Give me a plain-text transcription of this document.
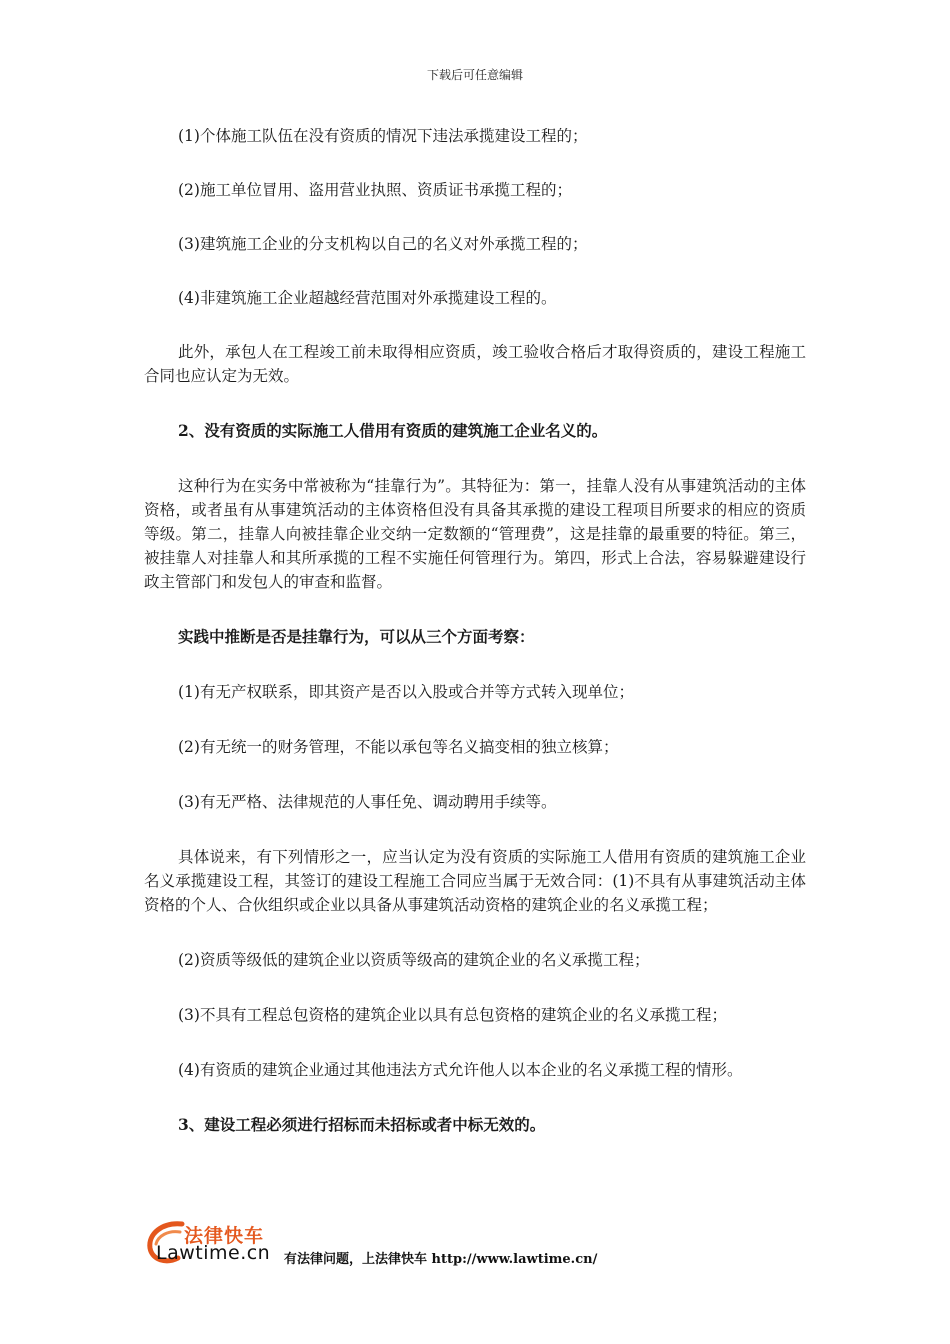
下载后可任意编辑

(1)个体施工队伍在没有资质的情况下违法承揽建设工程的；

(2)施工单位冒用、盗用营业执照、资质证书承揽工程的；

(3)建筑施工企业的分支机构以自己的名义对外承揽工程的；

(4)非建筑施工企业超越经营范围对外承揽建设工程的。

此外，承包人在工程竣工前未取得相应资质，竣工验收合格后才取得资质的，建设工程施工合同也应认定为无效。

2、没有资质的实际施工人借用有资质的建筑施工企业名义的。

这种行为在实务中常被称为“挂靠行为”。其特征为：第一，挂靠人没有从事建筑活动的主体资格，或者虽有从事建筑活动的主体资格但没有具备其承揽的建设工程项目所要求的相应的资质等级。第二，挂靠人向被挂靠企业交纳一定数额的“管理费”，这是挂靠的最重要的特征。第三，被挂靠人对挂靠人和其所承揽的工程不实施任何管理行为。第四，形式上合法，容易躲避建设行政主管部门和发包人的审查和监督。

实践中推断是否是挂靠行为，可以从三个方面考察：

(1)有无产权联系，即其资产是否以入股或合并等方式转入现单位；

(2)有无统一的财务管理，不能以承包等名义搞变相的独立核算；

(3)有无严格、法律规范的人事任免、调动聘用手续等。

具体说来，有下列情形之一，应当认定为没有资质的实际施工人借用有资质的建筑施工企业名义承揽建设工程，其签订的建设工程施工合同应当属于无效合同：(1)不具有从事建筑活动主体资格的个人、合伙组织或企业以具备从事建筑活动资格的建筑企业的名义承揽工程；

(2)资质等级低的建筑企业以资质等级高的建筑企业的名义承揽工程；

(3)不具有工程总包资格的建筑企业以具有总包资格的建筑企业的名义承揽工程；

(4)有资质的建筑企业通过其他违法方式允许他人以本企业的名义承揽工程的情形。

3、建设工程必须进行招标而未招标或者中标无效的。

法律快车
Lawtime.cn 有法律问题，上法律快车 http://www.lawtime.cn/
